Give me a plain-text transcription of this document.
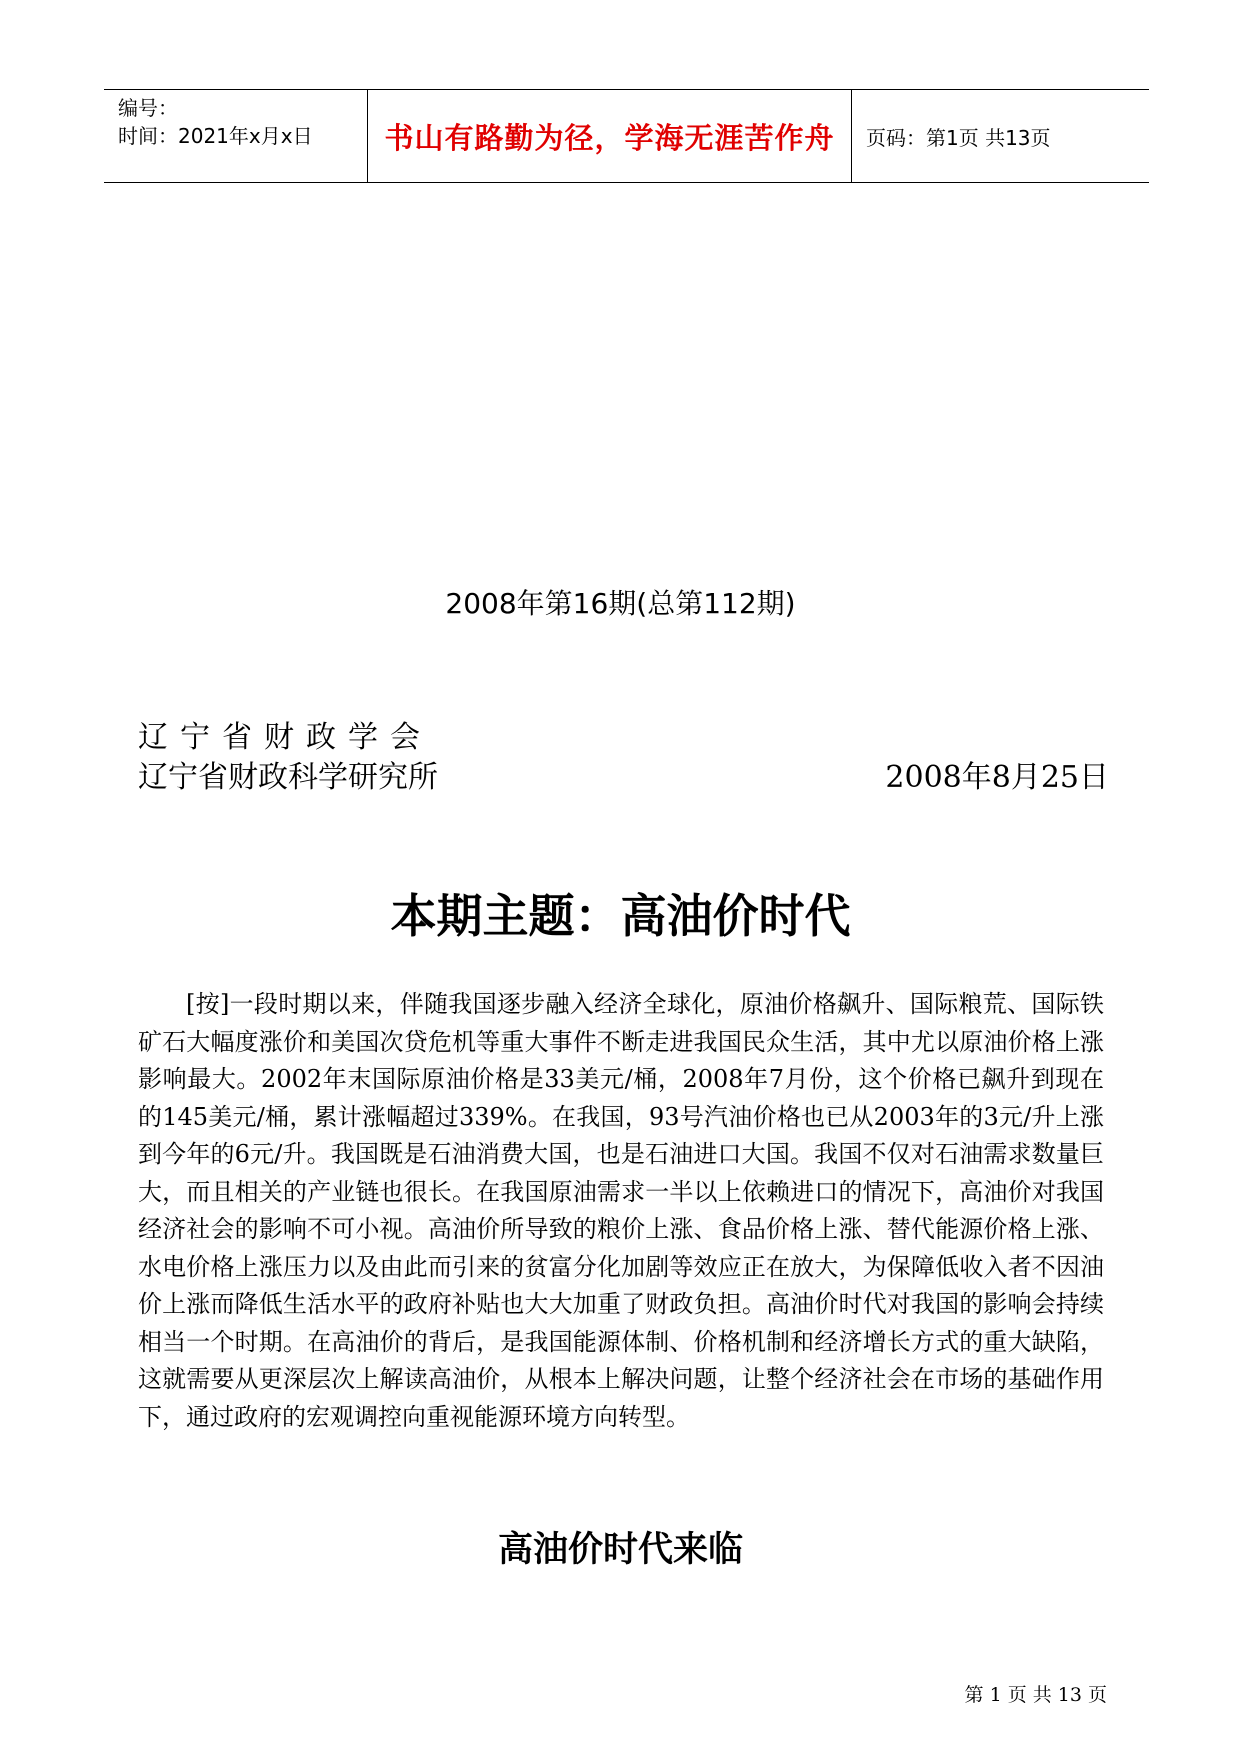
编号：
时间：2021年x月x日	书山有路勤为径，学海无涯苦作舟	页码：第1页 共13页
2008年第16期(总第112期)
辽宁省财政学会
辽宁省财政科学研究所	2008年8月25日
本期主题：高油价时代

[按]一段时期以来，伴随我国逐步融入经济全球化，原油价格飙升、国际粮荒、国际铁矿石大幅度涨价和美国次贷危机等重大事件不断走进我国民众生活，其中尤以原油价格上涨影响最大。2002年末国际原油价格是33美元/桶，2008年7月份，这个价格已飙升到现在的145美元/桶，累计涨幅超过339%。在我国，93号汽油价格也已从2003年的3元/升上涨到今年的6元/升。我国既是石油消费大国，也是石油进口大国。我国不仅对石油需求数量巨大，而且相关的产业链也很长。在我国原油需求一半以上依赖进口的情况下，高油价对我国经济社会的影响不可小视。高油价所导致的粮价上涨、食品价格上涨、替代能源价格上涨、水电价格上涨压力以及由此而引来的贫富分化加剧等效应正在放大，为保障低收入者不因油价上涨而降低生活水平的政府补贴也大大加重了财政负担。高油价时代对我国的影响会持续相当一个时期。在高油价的背后，是我国能源体制、价格机制和经济增长方式的重大缺陷，这就需要从更深层次上解读高油价，从根本上解决问题，让整个经济社会在市场的基础作用下，通过政府的宏观调控向重视能源环境方向转型。

高油价时代来临
第 1 页 共 13 页
